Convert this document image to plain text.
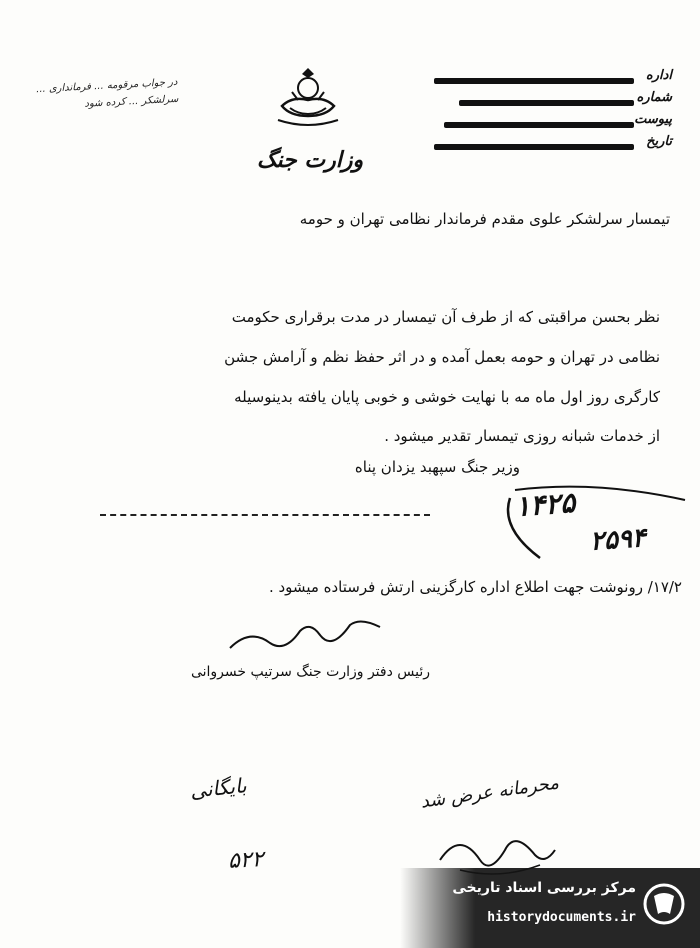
در جواب مرقومه ... فرمانداری ... سرلشکر ... کرده شود
وزارت جنگ
اداره
شماره
پیوست
تاریخ
تیمسار سرلشکر علوی مقدم فرماندار نظامی تهران و حومه
نظر بحسن مراقبتی که از طرف آن تیمسار در مدت برقراری حکومت
نظامی در تهران و حومه بعمل آمده و در اثر حفظ نظم و آرامش جشن
کارگری روز اول ماه مه با نهایت خوشی و خوبی پایان یافته بدینوسیله
از خدمات شبانه روزی تیمسار تقدیر میشود .
وزیر جنگ سپهبد یزدان پناه
۱۴۲۵
۲۵۹۴
۱۷/۲/ رونوشت جهت اطلاع اداره کارگزینی ارتش فرستاده میشود .
رئیس دفتر وزارت جنگ سرتیپ خسروانی
محرمانه عرض شد
بایگانی
۵۲۲
مرکز بررسی اسناد تاریخی
historydocuments.ir
